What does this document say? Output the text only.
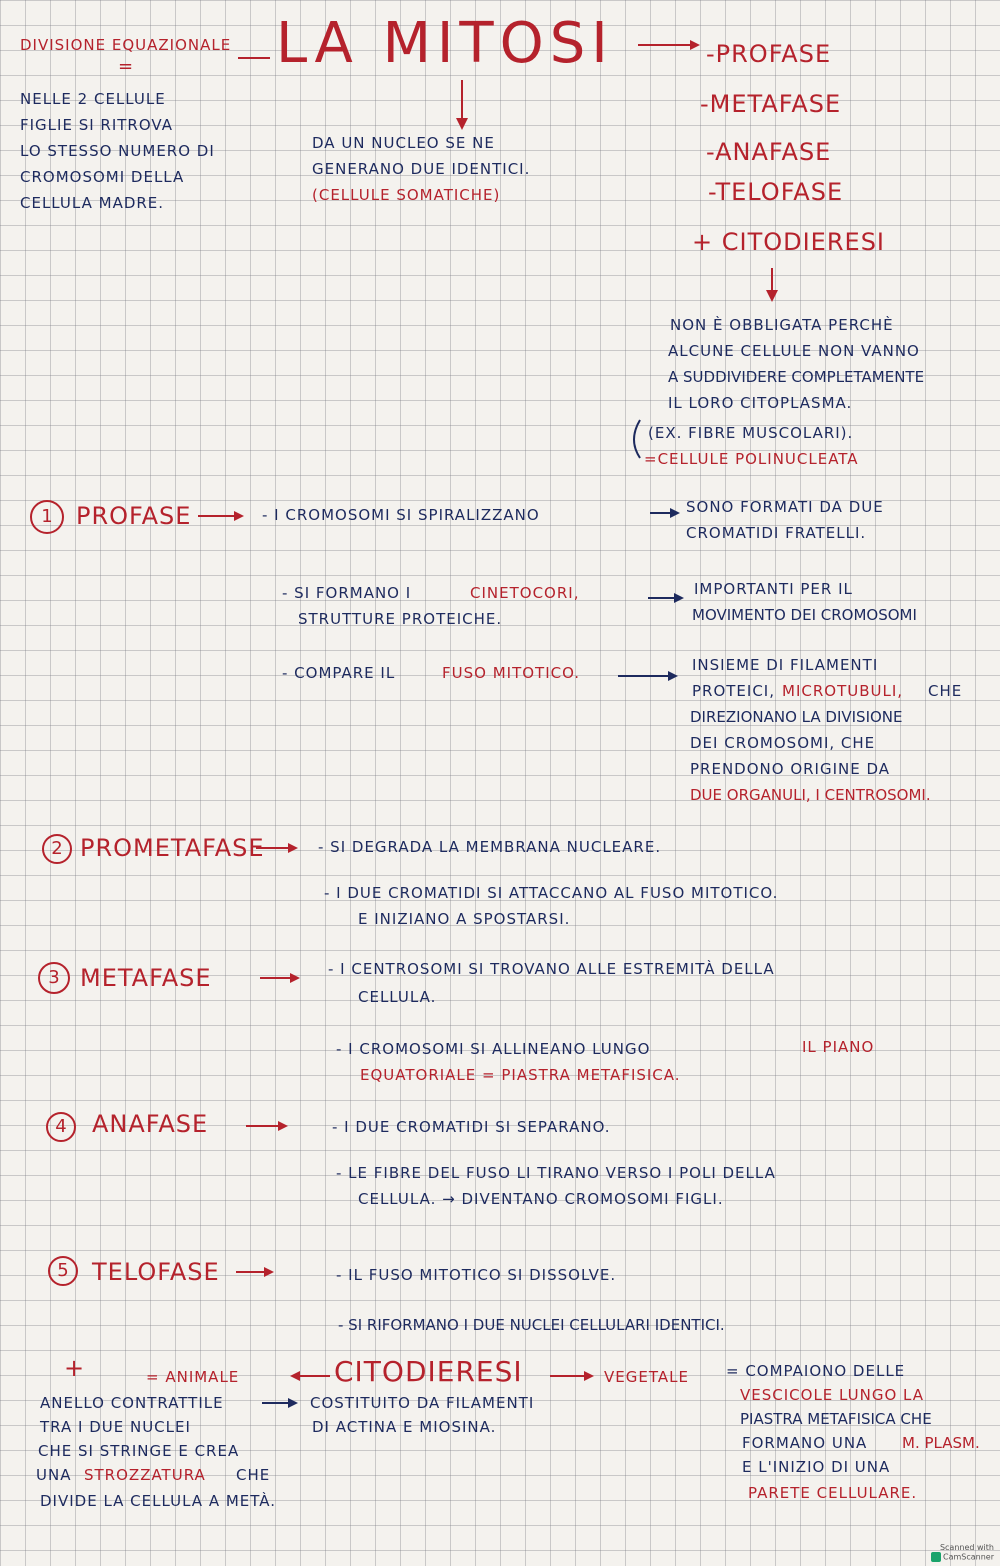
DIVISIONE EQUAZIONALE
=	LA MITOSI
NELLE 2 CELLULE
FIGLIE SI RITROVA
LO STESSO NUMERO DI
CROMOSOMI DELLA
CELLULA MADRE.
DA UN NUCLEO SE NE
GENERANO DUE IDENTICI.
(CELLULE SOMATICHE)
-PROFASE
-METAFASE
-ANAFASE
-TELOFASE
+ CITODIERESI
NON È OBBLIGATA PERCHÈ
ALCUNE CELLULE NON VANNO
A SUDDIVIDERE COMPLETAMENTE
IL LORO CITOPLASMA.
(EX. FIBRE MUSCOLARI).
=CELLULE POLINUCLEATA
1 PROFASE	- I CROMOSOMI SI SPIRALIZZANO	SONO FORMATI DA DUE
CROMATIDI FRATELLI.
- SI FORMANO I	CINETOCORI,
STRUTTURE PROTEICHE.
IMPORTANTI PER IL
MOVIMENTO DEI CROMOSOMI
- COMPARE IL	FUSO MITOTICO.	INSIEME DI FILAMENTI
PROTEICI, MICROTUBULI, CHE
DIREZIONANO LA DIVISIONE
DEI CROMOSOMI, CHE
PRENDONO ORIGINE DA
DUE ORGANULI, I CENTROSOMI.
2 PROMETAFASE	- SI DEGRADA LA MEMBRANA NUCLEARE.
- I DUE CROMATIDI SI ATTACCANO AL FUSO MITOTICO.
E INIZIANO A SPOSTARSI.
3 METAFASE	- I CENTROSOMI SI TROVANO ALLE ESTREMITÀ DELLA
CELLULA.
- I CROMOSOMI SI ALLINEANO LUNGO	IL PIANO
EQUATORIALE = PIASTRA METAFISICA.
4	ANAFASE	- I DUE CROMATIDI SI SEPARANO.
- LE FIBRE DEL FUSO LI TIRANO VERSO I POLI DELLA
CELLULA. → DIVENTANO CROMOSOMI FIGLI.
5 TELOFASE	- IL FUSO MITOTICO SI DISSOLVE.
- SI RIFORMANO I DUE NUCLEI CELLULARI IDENTICI.
+	= ANIMALE	CITODIERESI	VEGETALE
ANELLO CONTRATTILE
TRA I DUE NUCLEI
CHE SI STRINGE E CREA
UNA STROZZATURA CHE
DIVIDE LA CELLULA A METÀ.
COSTITUITO DA FILAMENTI
DI ACTINA E MIOSINA.
= COMPAIONO DELLE
VESCICOLE LUNGO LA
PIASTRA METAFISICA CHE
FORMANO UNA M. PLASM.
E L'INIZIO DI UNA
PARETE CELLULARE.
Scanned with
CamScanner
